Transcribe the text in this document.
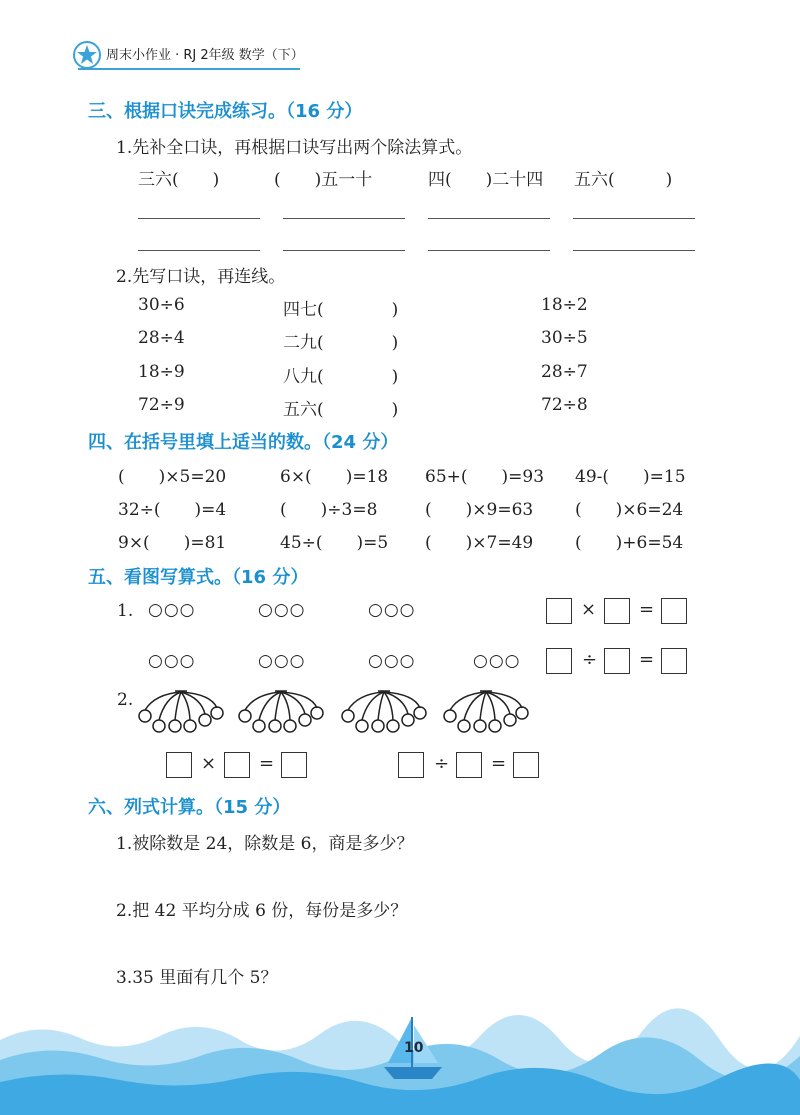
周末小作业 · RJ 2年级 数学（下）
三、根据口诀完成练习。（16 分）
1.先补全口诀，再根据口诀写出两个除法算式。
三六(　　)	(　　)五一十	四(　　)二十四 五六(　　　)
2.先写口诀，再连线。
30÷6	四七(　　　　)	18÷2
28÷4	二九(　　　　)	30÷5
18÷9	八九(　　　　)	28÷7
72÷9	五六(　　　　)	72÷8
四、在括号里填上适当的数。（24 分）
(　　)×5=20	6×(　　)=18 65+(　　)=93 49-(　　)=15
32÷(　　)=4	(　　)÷3=8	(　　)×9=63 (　　)×6=24
9×(　　)=81	45÷(　　)=5 (　　)×7=49 (　　)+6=54
五、看图写算式。（16 分）
1. ○○○	○○○	○○○	× =
○○○	○○○	○○○	○○○	÷ =
2.
× =	÷ =
六、列式计算。（15 分）
1.被除数是 24，除数是 6，商是多少？
2.把 42 平均分成 6 份，每份是多少？
3.35 里面有几个 5？
10
